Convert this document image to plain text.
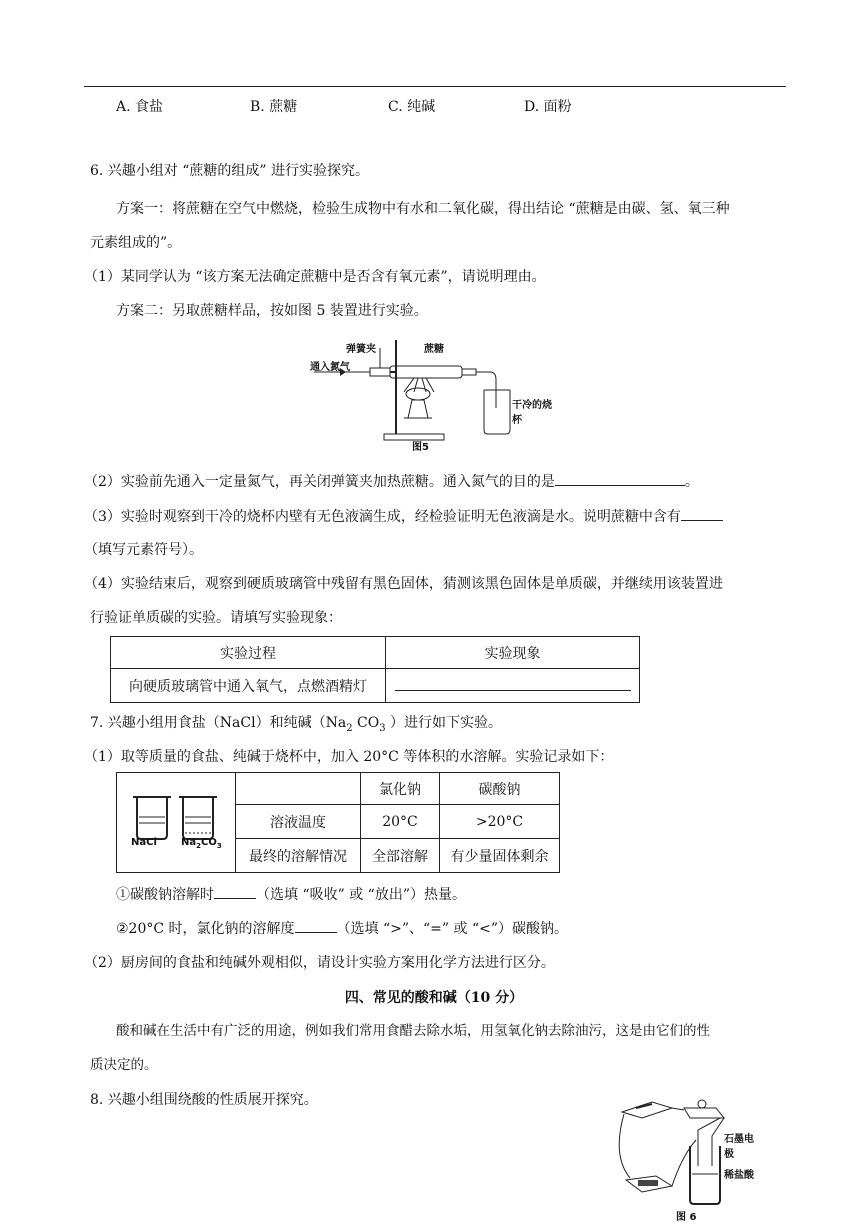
A. 食盐	B. 蔗糖	C. 纯碱	D. 面粉
6. 兴趣小组对 “蔗糖的组成” 进行实验探究。
方案一：将蔗糖在空气中燃烧，检验生成物中有水和二氧化碳，得出结论 “蔗糖是由碳、氢、氧三种
元素组成的”。
（1）某同学认为 “该方案无法确定蔗糖中是否含有氧元素”，请说明理由。
方案二：另取蔗糖样品，按如图 5 装置进行实验。
弹簧夹	蔗糖
通入氮气
干冷的烧杯
图5
（2）实验前先通入一定量氮气，再关闭弹簧夹加热蔗糖。通入氮气的目的是	。
（3）实验时观察到干冷的烧杯内壁有无色液滴生成，经检验证明无色液滴是水。说明蔗糖中含有
（填写元素符号）。
（4）实验结束后，观察到硬质玻璃管中残留有黑色固体，猜测该黑色固体是单质碳，并继续用该装置进
行验证单质碳的实验。请填写实验现象：
实验过程	实验现象
向硬质玻璃管中通入氧气，点燃酒精灯	
7. 兴趣小组用食盐（NaCl）和纯碱（$Na_2$ $CO_3$ ）进行如下实验。
（1）取等质量的食盐、纯碱于烧杯中，加入 20°C 等体积的水溶解。实验记录如下：
NaCl $Na_2CO_3$		氯化钠	碳酸钠
	溶液温度	20°C	>20°C
	最终的溶解情况	全部溶解	有少量固体剩余
①碳酸钠溶解时	（选填 “吸收” 或 “放出”）热量。
②20°C 时，氯化钠的溶解度	（选填 “>”、“=” 或 “<”）碳酸钠。
（2）厨房间的食盐和纯碱外观相似，请设计实验方案用化学方法进行区分。
四、常见的酸和碱（10 分）
酸和碱在生活中有广泛的用途，例如我们常用食醋去除水垢，用氢氧化钠去除油污，这是由它们的性
质决定的。
8. 兴趣小组围绕酸的性质展开探究。
石墨电极
稀盐酸
图 6
